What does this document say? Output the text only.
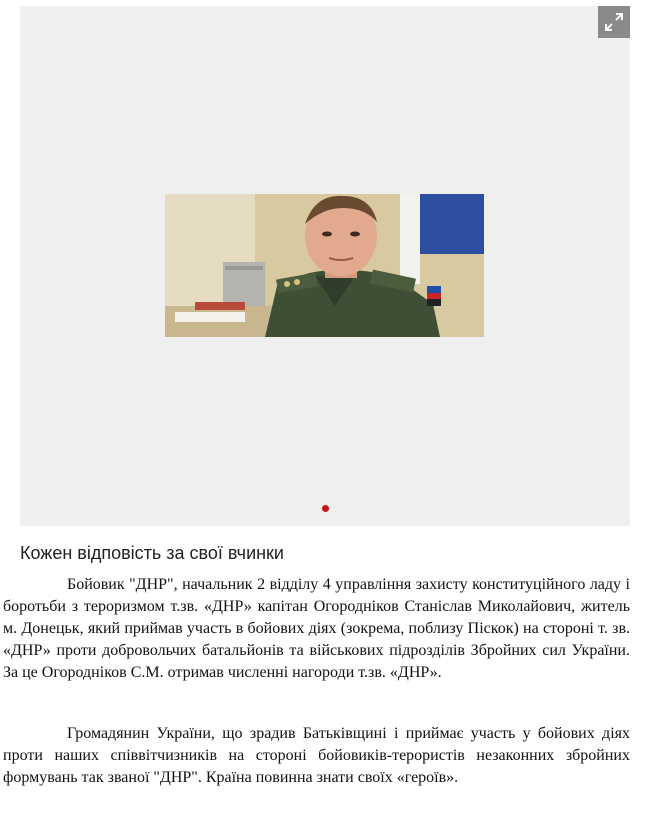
Кожен відповість за свої вчинки

Бойовик "ДНР", начальник 2 відділу 4 управління захисту конституційного ладу і боротьби з тероризмом т.зв. «ДНР» капітан Огороднiков Станiслав Миколайович, житель м. Донецьк, який приймав участь в бойових дiях (зокрема, поблизу Пiскок) на сторонi т. зв. «ДНР» проти добровольчих батальйонiв та вiйськових пiдроздiлiв Збройних сил України. За це Огороднiков С.М. отримав численнi нагороди т.зв. «ДНР».

Громадянин України, що зрадив Батьківщині і приймає участь у бойових діях проти наших співвітчизників на стороні бойовиків-терористів незаконних збройних формувань так званої "ДНР". Країна повинна знати своїх «героїв».
